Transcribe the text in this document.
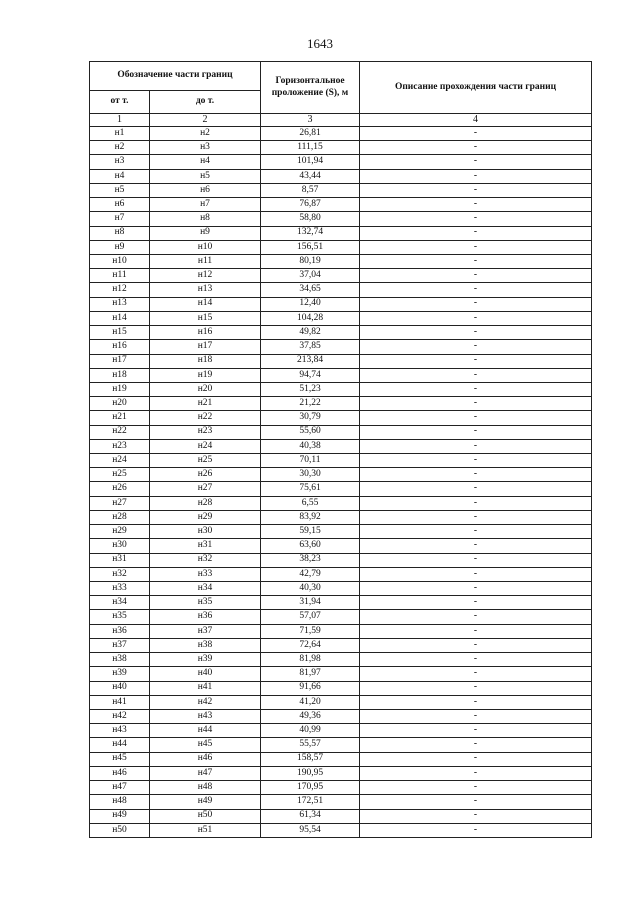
1643
Обозначение части границ		Горизонтальное проложение (S), м	Описание прохождения части границ
от т.	до т.		
1	2	3	4
н1	н2	26,81	-
н2	н3	111,15	-
н3	н4	101,94	-
н4	н5	43,44	-
н5	н6	8,57	-
н6	н7	76,87	-
н7	н8	58,80	-
н8	н9	132,74	-
н9	н10	156,51	-
н10	н11	80,19	-
н11	н12	37,04	-
н12	н13	34,65	-
н13	н14	12,40	-
н14	н15	104,28	-
н15	н16	49,82	-
н16	н17	37,85	-
н17	н18	213,84	-
н18	н19	94,74	-
н19	н20	51,23	-
н20	н21	21,22	-
н21	н22	30,79	-
н22	н23	55,60	-
н23	н24	40,38	-
н24	н25	70,11	-
н25	н26	30,30	-
н26	н27	75,61	-
н27	н28	6,55	-
н28	н29	83,92	-
н29	н30	59,15	-
н30	н31	63,60	-
н31	н32	38,23	-
н32	н33	42,79	-
н33	н34	40,30	-
н34	н35	31,94	-
н35	н36	57,07	-
н36	н37	71,59	-
н37	н38	72,64	-
н38	н39	81,98	-
н39	н40	81,97	-
н40	н41	91,66	-
н41	н42	41,20	-
н42	н43	49,36	-
н43	н44	40,99	-
н44	н45	55,57	-
н45	н46	158,57	-
н46	н47	190,95	-
н47	н48	170,95	-
н48	н49	172,51	-
н49	н50	61,34	-
н50	н51	95,54	-
